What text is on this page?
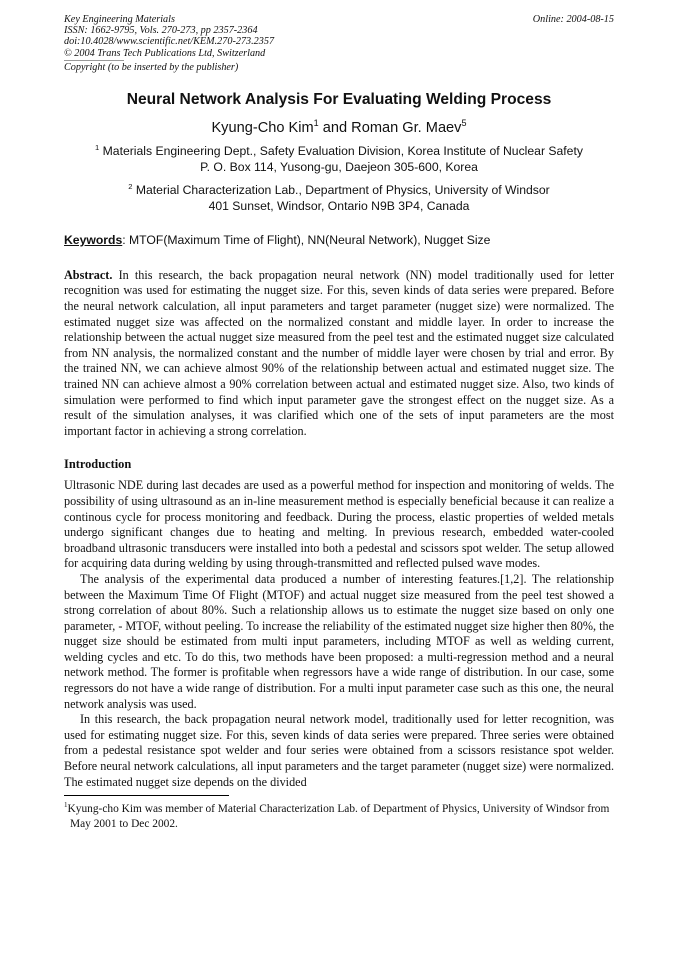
Key Engineering Materials
ISSN: 1662-9795, Vols. 270-273, pp 2357-2364
doi:10.4028/www.scientific.net/KEM.270-273.2357
© 2004 Trans Tech Publications Ltd, Switzerland
Online: 2004-08-15
Copyright (to be inserted by the publisher)
Neural Network Analysis For Evaluating Welding Process
Kyung-Cho Kim$^1$ and Roman Gr. Maev$^5$
$^1$ Materials Engineering Dept., Safety Evaluation Division, Korea Institute of Nuclear Safety
P. O. Box 114, Yusong-gu, Daejeon 305-600, Korea
$^2$ Material Characterization Lab., Department of Physics, University of Windsor
401 Sunset, Windsor, Ontario N9B 3P4, Canada
Keywords: MTOF(Maximum Time of Flight), NN(Neural Network), Nugget Size

Abstract. In this research, the back propagation neural network (NN) model traditionally used for letter recognition was used for estimating the nugget size. For this, seven kinds of data series were prepared. Before the neural network calculation, all input parameters and target parameter (nugget size) were normalized. The estimated nugget size was affected on the normalized constant and middle layer. In order to increase the relationship between the actual nugget size measured from the peel test and the estimated nugget size calculated from NN analysis, the normalized constant and the number of middle layer were chosen by trial and error. By the trained NN, we can achieve almost 90% of the relationship between actual and estimated nugget size. The trained NN can achieve almost a 90% correlation between actual and estimated nugget size. Also, two kinds of simulation were performed to find which input parameter gave the strongest effect on the nugget size. As a result of the simulation analyses, it was clarified which one of the sets of input parameters are the most important factor in achieving a strong correlation.

Introduction

Ultrasonic NDE during last decades are used as a powerful method for inspection and monitoring of welds. The possibility of using ultrasound as an in-line measurement method is especially beneficial because it can realize a continous cycle for process monitoring and feedback. During the process, elastic properties of welded metals undergo significant changes due to heating and melting. In previous research, embedded water-cooled broadband ultrasonic transducers were installed into both a pedestal and scissors spot welder. The setup allowed for acquiring data during welding by using through-transmitted and reflected pulsed wave modes.

The analysis of the experimental data produced a number of interesting features.[1,2]. The relationship between the Maximum Time Of Flight (MTOF) and actual nugget size measured from the peel test showed a strong correlation of about 80%. Such a relationship allows us to estimate the nugget size based on only one parameter, - MTOF, without peeling. To increase the reliability of the estimated nugget size higher then 80%, the nugget size should be estimated from multi input parameters, including MTOF as well as welding current, welding cycles and etc. To do this, two methods have been proposed: a multi-regression method and a neural network method. The former is profitable when regressors have a wide range of distribution. In our case, some regressors do not have a wide range of distribution. For a multi input parameter case such as this one, the neural network analysis was used.

In this research, the back propagation neural network model, traditionally used for letter recognition, was used for estimating nugget size. For this, seven kinds of data series were prepared. Three series were obtained from a pedestal resistance spot welder and four series were obtained from a scissors resistance spot welder. Before neural network calculations, all input parameters and the target parameter (nugget size) were normalized. The estimated nugget size depends on the divided

$^1$Kyung-cho Kim was member of Material Characterization Lab. of Department of Physics, University of Windsor from May 2001 to Dec 2002.
